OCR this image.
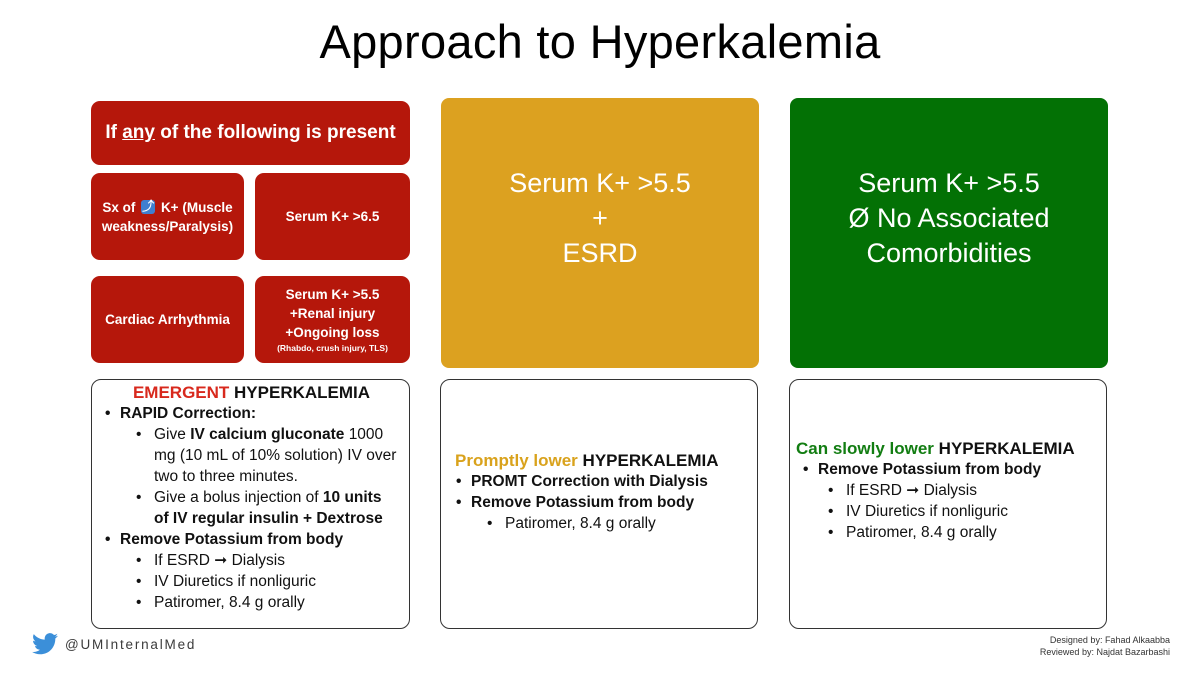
Approach to Hyperkalemia
If any of the following is present
Sx of ⤴ K+ (Muscle
weakness/Paralysis)
Serum K+ >6.5
Cardiac Arrhythmia
Serum K+ >5.5
+Renal injury
+Ongoing loss
(Rhabdo, crush injury, TLS)
Serum K+ >5.5
+
ESRD
Serum K+ >5.5
Ø No Associated
Comorbidities
EMERGENT HYPERKALEMIA
• RAPID Correction:
• Give IV calcium gluconate 1000 mg (10 mL of 10% solution) IV over two to three minutes.
• Give a bolus injection of 10 units of IV regular insulin + Dextrose
• Remove Potassium from body
• If ESRD ➞ Dialysis
• IV Diuretics if nonliguric
• Patiromer, 8.4 g orally
Promptly lower HYPERKALEMIA
• PROMT Correction with Dialysis
• Remove Potassium from body
• Patiromer, 8.4 g orally
Can slowly lower HYPERKALEMIA
• Remove Potassium from body
• If ESRD ➞ Dialysis
• IV Diuretics if nonliguric
• Patiromer, 8.4 g orally
@UMInternalMed	Designed by: Fahad Alkaabba
Reviewed by: Najdat Bazarbashi
